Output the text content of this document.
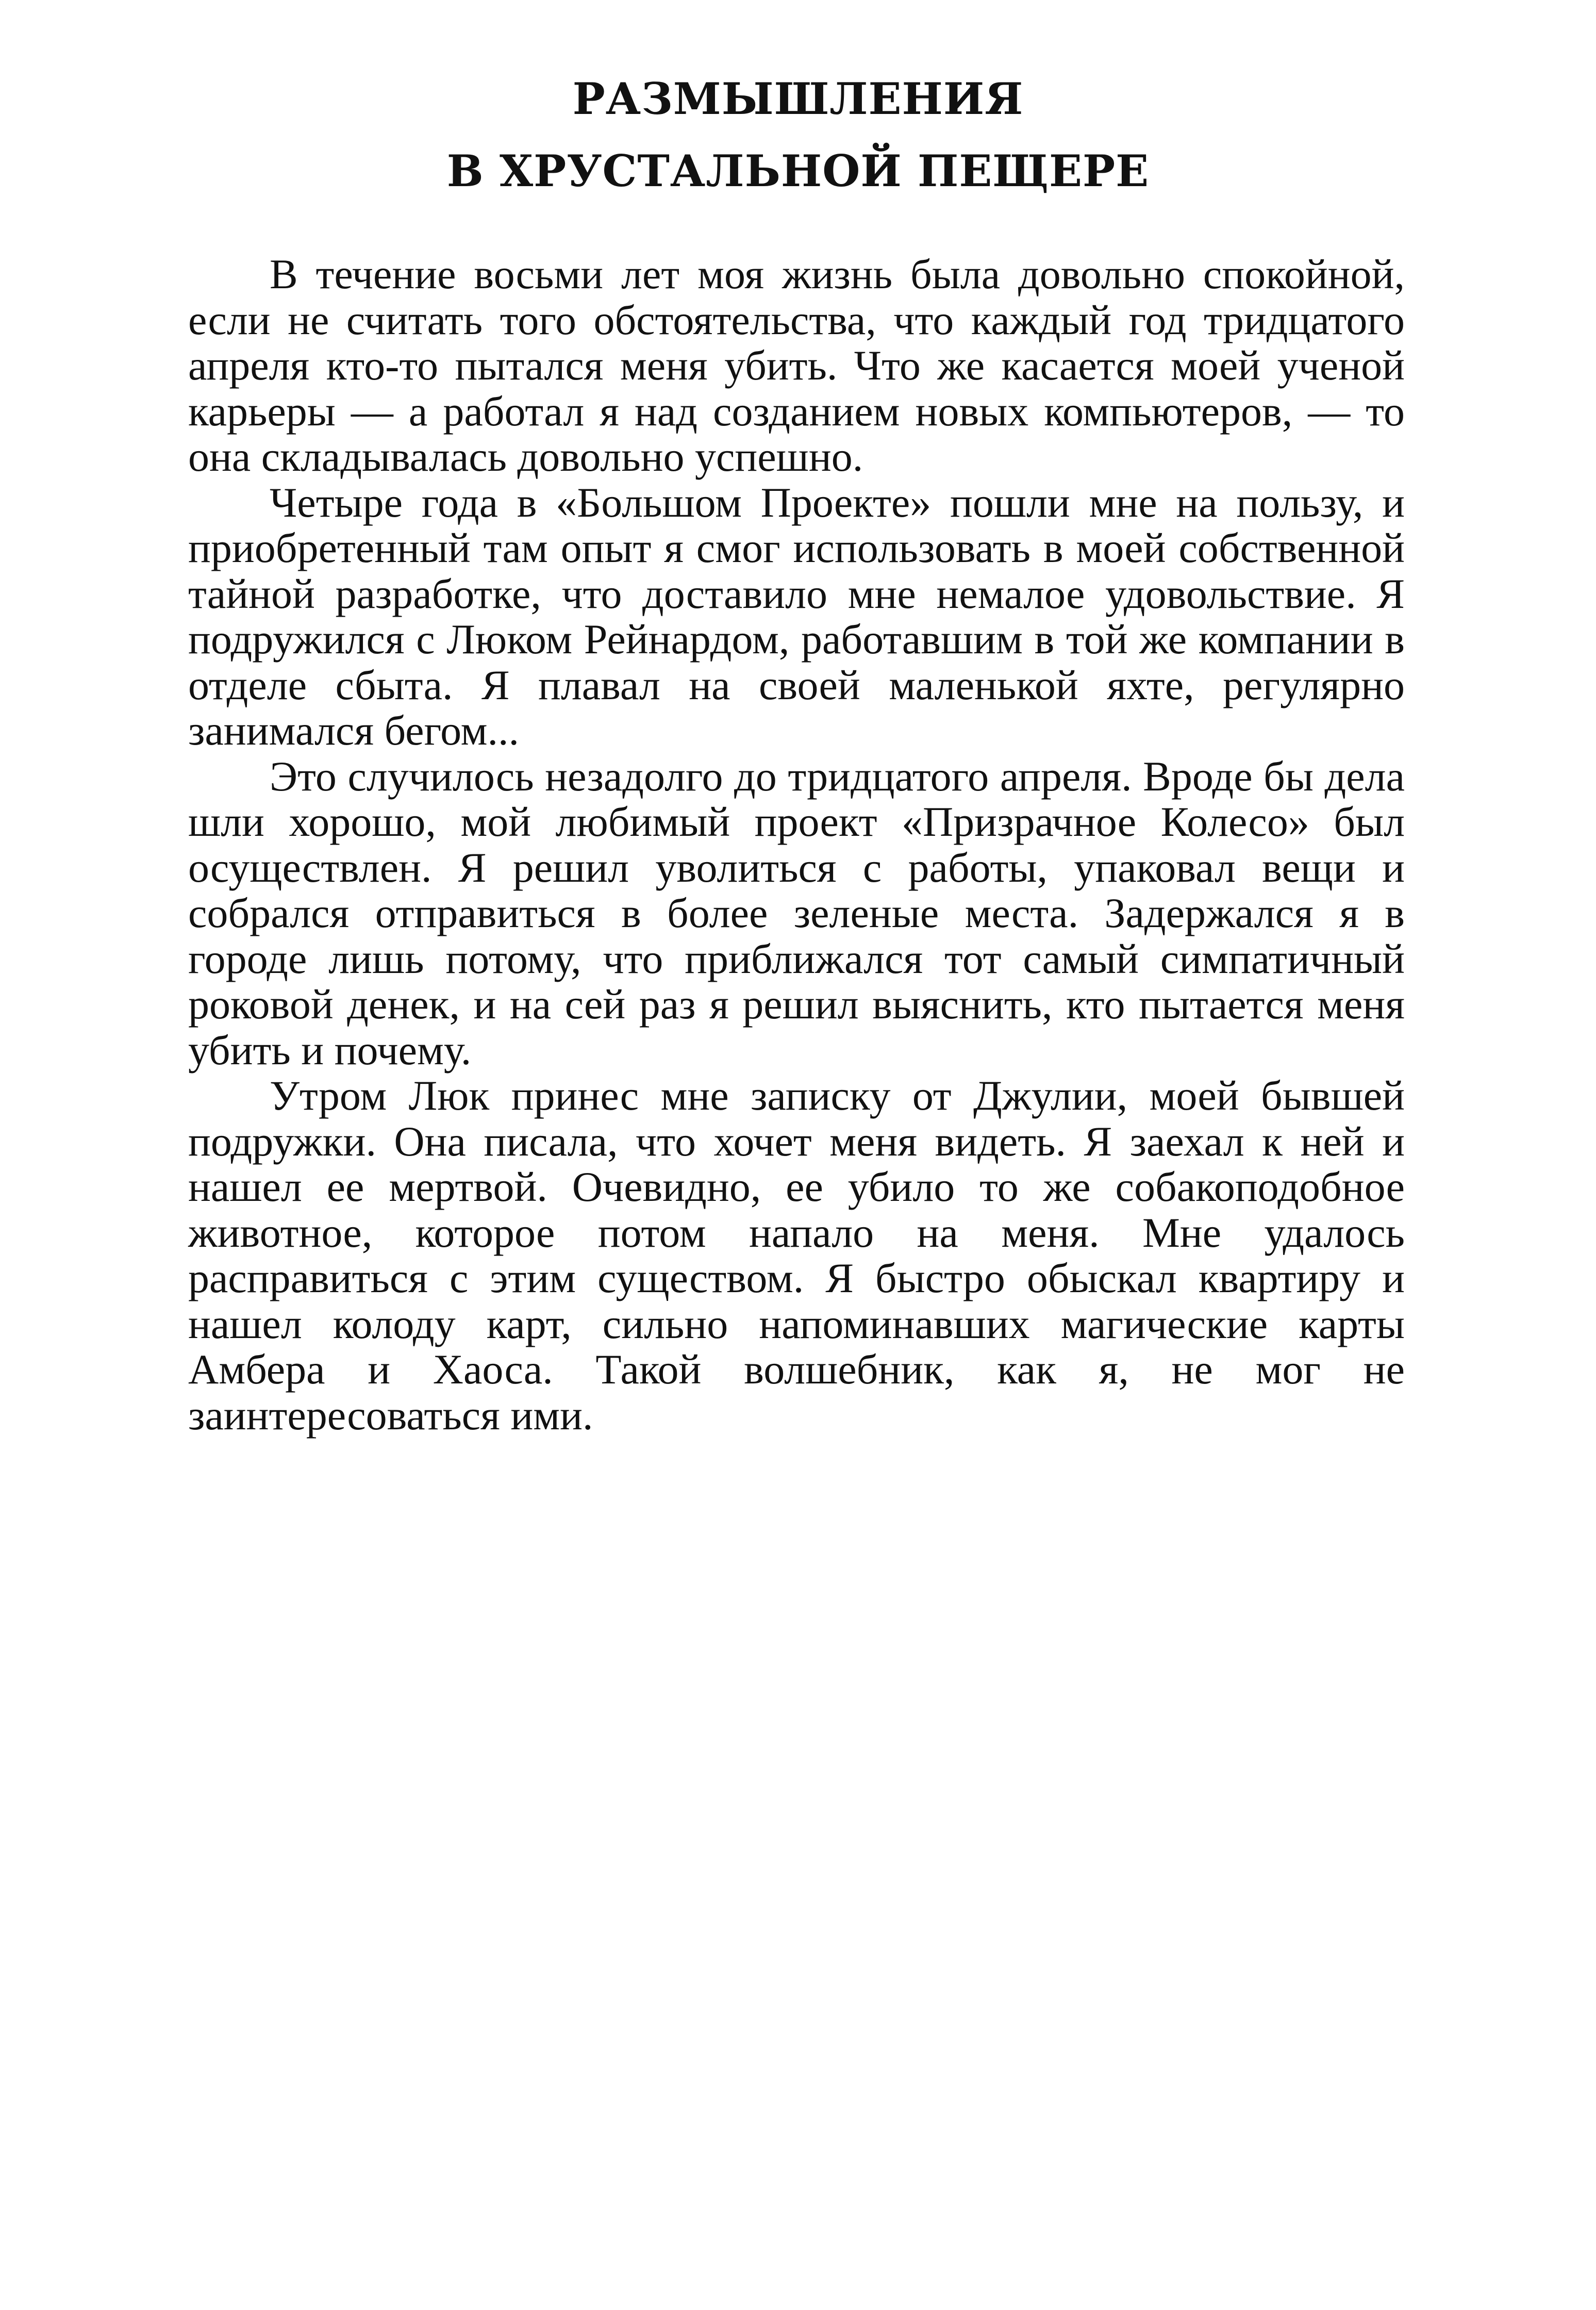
РАЗМЫШЛЕНИЯ
В ХРУСТАЛЬНОЙ ПЕЩЕРЕ

В течение восьми лет моя жизнь была довольно спокойной, если не считать того обстоятельства, что каждый год тридцатого апреля кто-то пытался меня убить. Что же касается моей ученой карьеры — а работал я над созданием новых компьютеров, — то она складывалась довольно успешно.

Четыре года в «Большом Проекте» пошли мне на пользу, и приобретенный там опыт я смог использовать в моей собственной тайной разработке, что доставило мне немалое удовольствие. Я подружился с Люком Рейнардом, работавшим в той же компании в отделе сбыта. Я плавал на своей маленькой яхте, регулярно занимался бегом...

Это случилось незадолго до тридцатого апреля. Вроде бы дела шли хорошо, мой любимый проект «Призрачное Колесо» был осуществлен. Я решил уволиться с работы, упаковал вещи и собрался отправиться в более зеленые места. Задержался я в городе лишь потому, что приближался тот самый симпатичный роковой денек, и на сей раз я решил выяснить, кто пытается меня убить и почему.

Утром Люк принес мне записку от Джулии, моей бывшей подружки. Она писала, что хочет меня видеть. Я заехал к ней и нашел ее мертвой. Очевидно, ее убило то же собакоподобное животное, которое потом напало на меня. Мне удалось расправиться с этим существом. Я быстро обыскал квартиру и нашел колоду карт, сильно напоминавших магические карты Амбера и Хаоса. Такой волшебник, как я, не мог не заинтересоваться ими.
